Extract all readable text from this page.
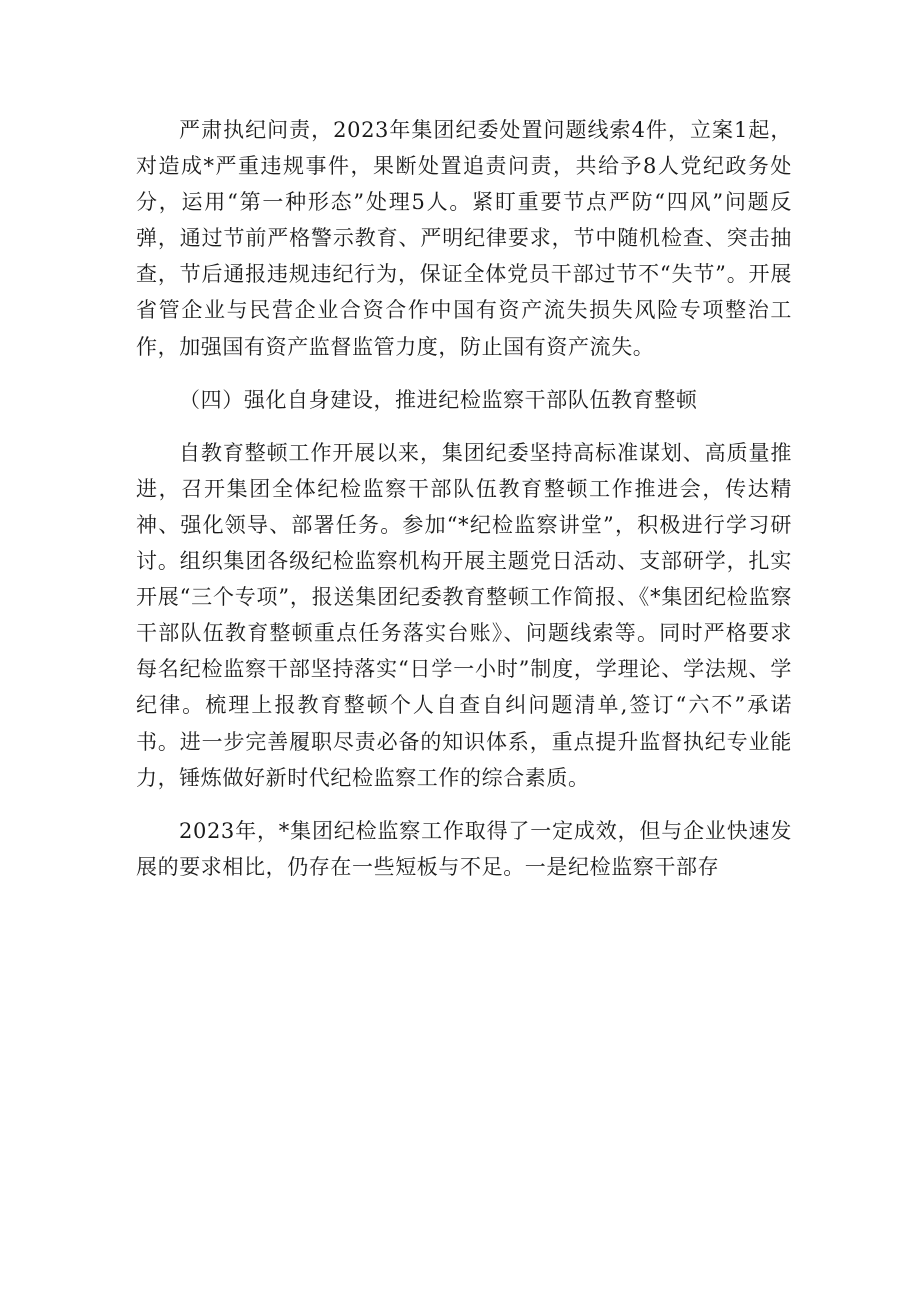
严肃执纪问责，2023年集团纪委处置问题线索4件，立案1起，对造成*严重违规事件，果断处置追责问责，共给予8人党纪政务处分，运用“第一种形态”处理5人。紧盯重要节点严防“四风”问题反弹，通过节前严格警示教育、严明纪律要求，节中随机检查、突击抽查，节后通报违规违纪行为，保证全体党员干部过节不“失节”。开展省管企业与民营企业合资合作中国有资产流失损失风险专项整治工作，加强国有资产监督监管力度，防止国有资产流失。

（四）强化自身建设，推进纪检监察干部队伍教育整顿

自教育整顿工作开展以来，集团纪委坚持高标准谋划、高质量推进，召开集团全体纪检监察干部队伍教育整顿工作推进会，传达精神、强化领导、部署任务。参加“*纪检监察讲堂”，积极进行学习研讨。组织集团各级纪检监察机构开展主题党日活动、支部研学，扎实开展“三个专项”，报送集团纪委教育整顿工作简报、《*集团纪检监察干部队伍教育整顿重点任务落实台账》、问题线索等。同时严格要求每名纪检监察干部坚持落实“日学一小时”制度，学理论、学法规、学纪律。梳理上报教育整顿个人自查自纠问题清单,签订“六不”承诺书。进一步完善履职尽责必备的知识体系，重点提升监督执纪专业能力，锤炼做好新时代纪检监察工作的综合素质。

2023年，*集团纪检监察工作取得了一定成效，但与企业快速发展的要求相比，仍存在一些短板与不足。一是纪检监察干部存
